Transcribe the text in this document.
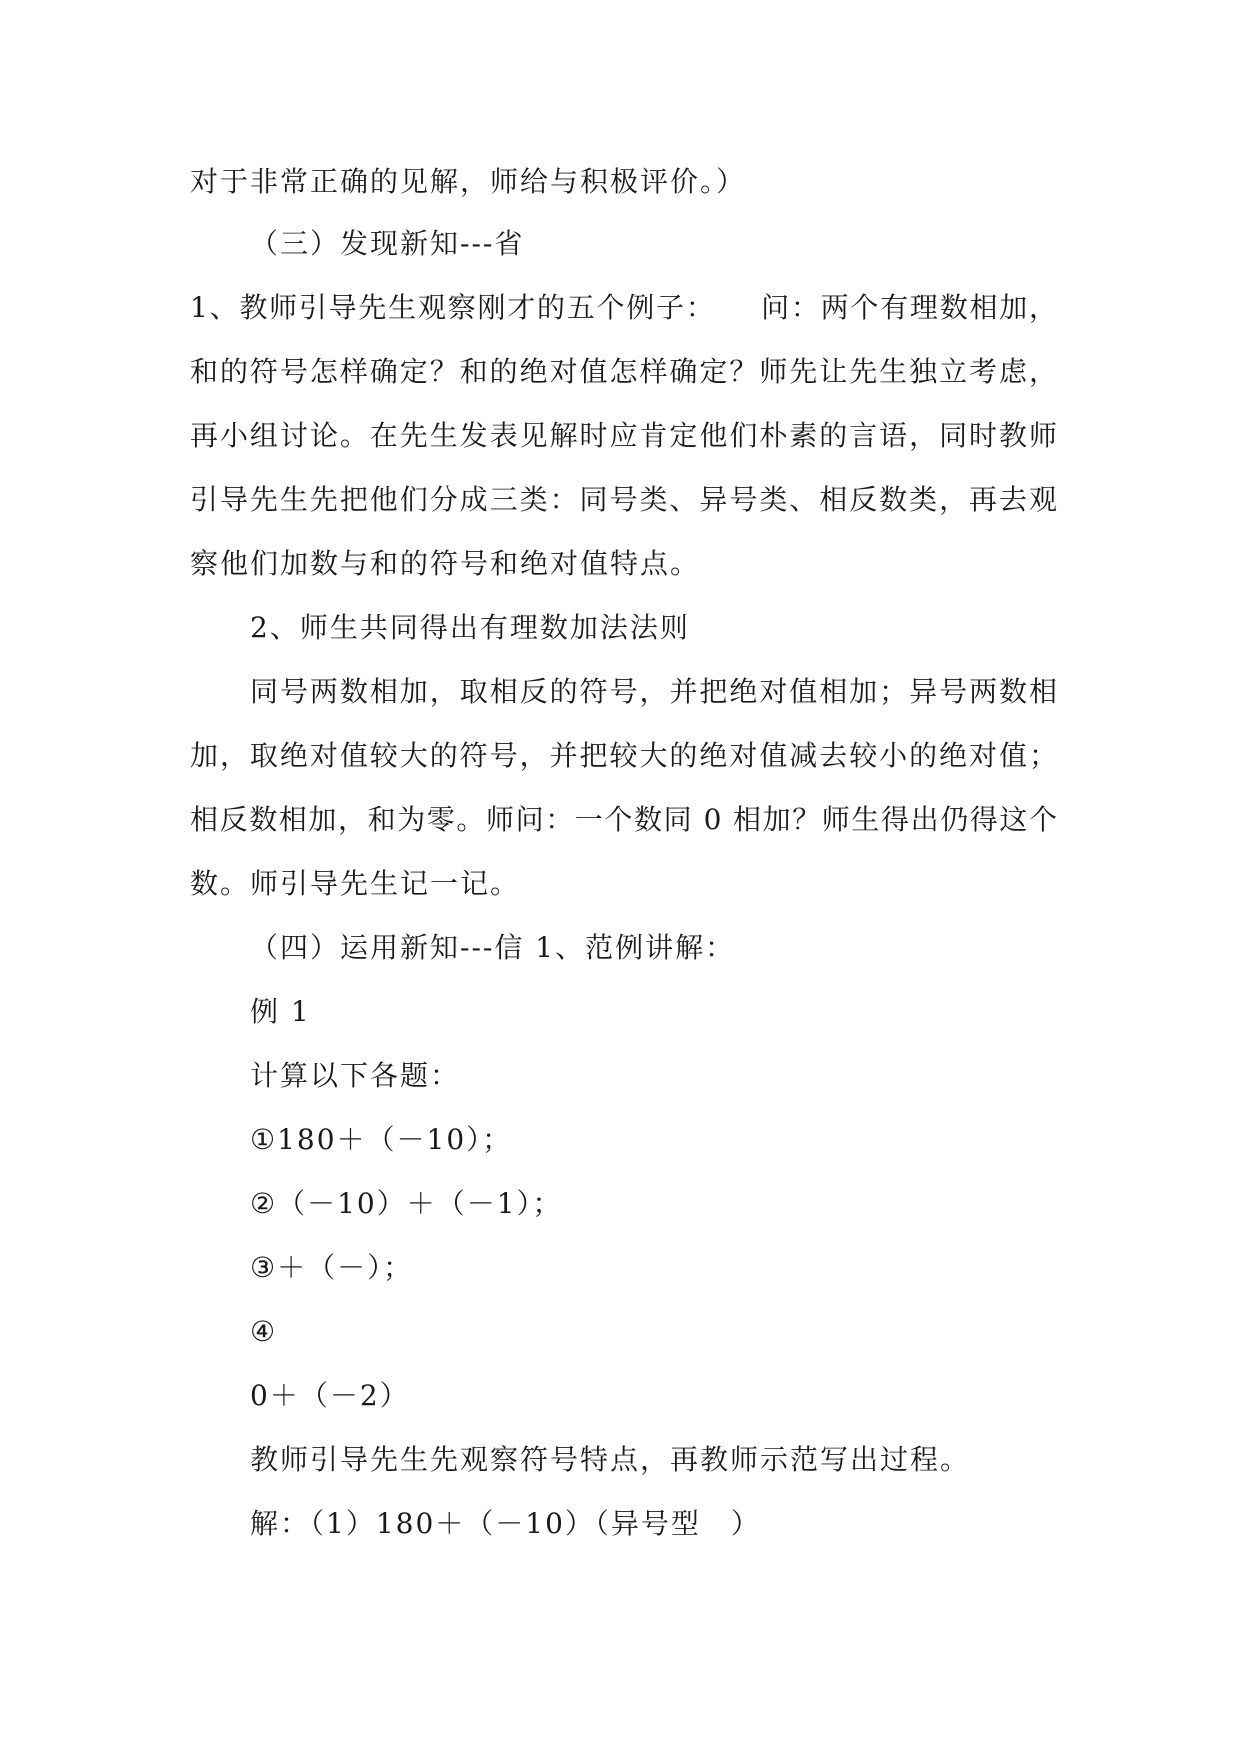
对于非常正确的见解，师给与积极评价。）
（三）发现新知---省
1、教师引导先生观察刚才的五个例子：　　问：两个有理数相加，
和的符号怎样确定？和的绝对值怎样确定？师先让先生独立考虑，
再小组讨论。在先生发表见解时应肯定他们朴素的言语，同时教师
引导先生先把他们分成三类：同号类、异号类、相反数类，再去观
察他们加数与和的符号和绝对值特点。
2、师生共同得出有理数加法法则
同号两数相加，取相反的符号，并把绝对值相加；异号两数相
加，取绝对值较大的符号，并把较大的绝对值减去较小的绝对值；
相反数相加，和为零。师问：一个数同 0 相加？师生得出仍得这个
数。师引导先生记一记。
（四）运用新知---信 1、范例讲解：
例 1
计算以下各题：
①180＋（－10）；
②（－10）＋（－1）；
③＋（－）；
④
0＋（－2）
教师引导先生先观察符号特点，再教师示范写出过程。
解：（1）180＋（－10）（异号型　）
